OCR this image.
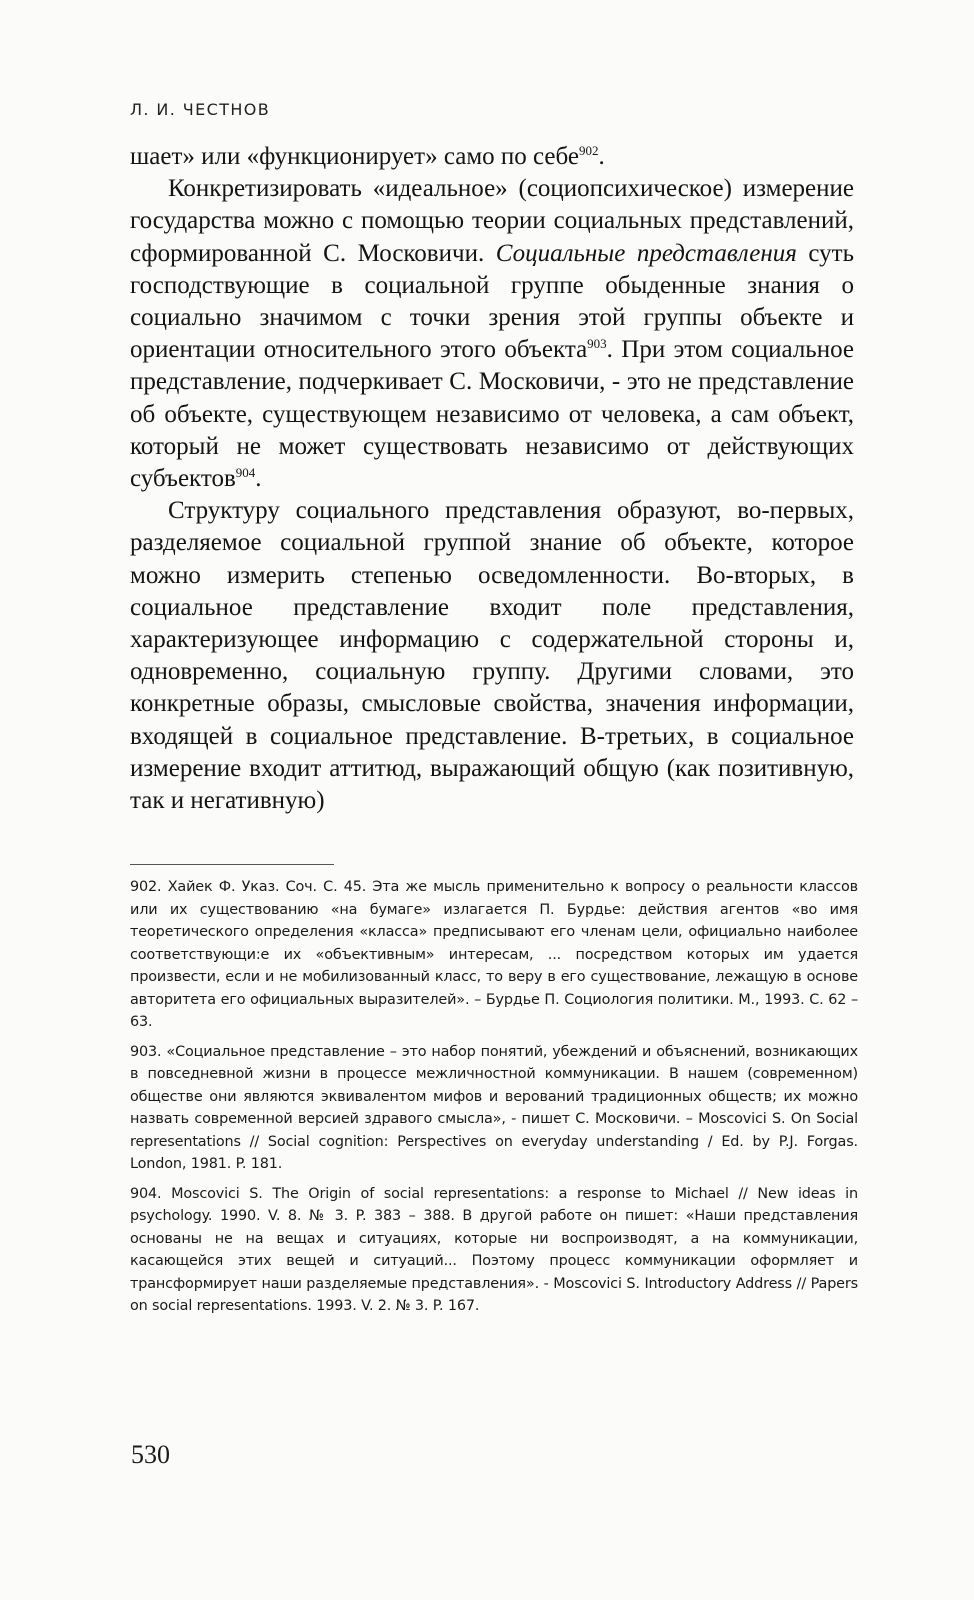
Л. И. ЧЕСТНОВ

шает» или «функционирует» само по себе$^{902}$.

Конкретизировать «идеальное» (социопсихическое) измерение государства можно с помощью теории социальных представлений, сформированной С. Московичи. Социальные представления суть господствующие в социальной группе обыденные знания о социально значимом с точки зрения этой группы объекте и ориентации относительного этого объекта$^{903}$. При этом социальное представление, подчеркивает С. Московичи, - это не представление об объекте, существующем независимо от человека, а сам объект, который не может существовать независимо от действующих субъектов$^{904}$.

Структуру социального представления образуют, во-первых, разделяемое социальной группой знание об объекте, которое можно измерить степенью осведомленности. Во-вторых, в социальное представление входит поле представления, характеризующее информацию с содержательной стороны и, одновременно, социальную группу. Другими словами, это конкретные образы, смысловые свойства, значения информации, входящей в социальное представление. В-третьих, в социальное измерение входит аттитюд, выражающий общую (как позитивную, так и негативную)

902. Хайек Ф. Указ. Соч. С. 45. Эта же мысль применительно к вопросу о реальности классов или их существованию «на бумаге» излагается П. Бурдье: действия агентов «во имя теоретического определения «класса» предписывают его членам цели, официально наиболее соответствующи:е их «объективным» интересам, ... посредством которых им удается произвести, если и не мобилизованный класс, то веру в его существование, лежащую в основе авторитета его официальных выразителей». – Бурдье П. Социология политики. М., 1993. С. 62 – 63.

903. «Социальное представление – это набор понятий, убеждений и объяснений, возникающих в повседневной жизни в процессе межличностной коммуникации. В нашем (современном) обществе они являются эквивалентом мифов и верований традиционных обществ; их можно назвать современной версией здравого смысла», - пишет С. Московичи. – Moscovici S. On Social representations // Social cognition: Perspectives on everyday understanding / Ed. by P.J. Forgas. London, 1981. P. 181.

904. Moscovici S. The Origin of social representations: a response to Michael // New ideas in psychology. 1990. V. 8. № 3. P. 383 – 388. В другой работе он пишет: «Наши представления основаны не на вещах и ситуациях, которые ни воспроизводят, а на коммуникации, касающейся этих вещей и ситуаций... Поэтому процесс коммуникации оформляет и трансформирует наши разделяемые представления». - Moscovici S. Introductory Address // Papers on social representations. 1993. V. 2. № 3. P. 167.

530
